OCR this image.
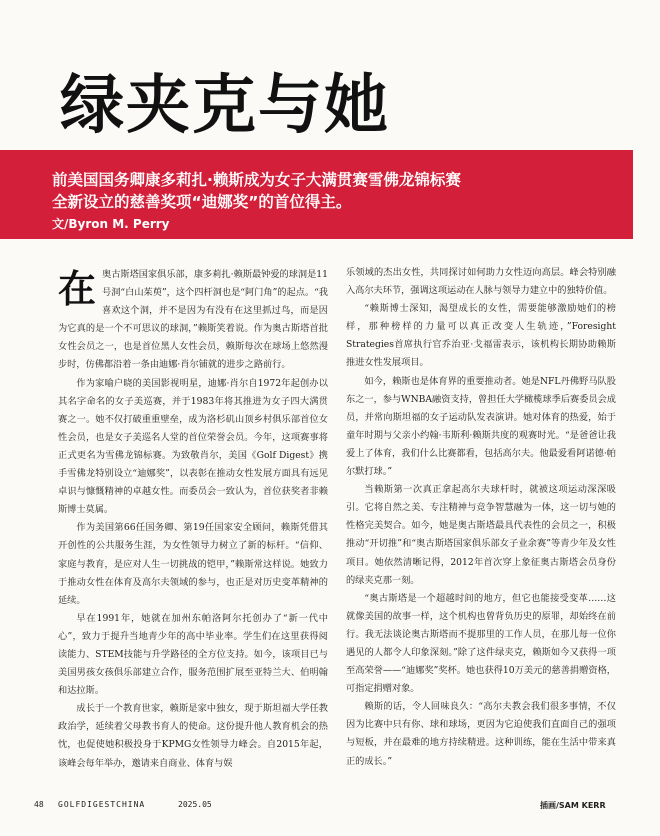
绿夹克与她
前美国国务卿康多莉扎·赖斯成为女子大满贯赛雪佛龙锦标赛
全新设立的慈善奖项“迪娜奖”的首位得主。
文/Byron M. Perry

在奥古斯塔国家俱乐部，康多莉扎·赖斯最钟爱的球洞是11号洞“白山茱萸”，这个四杆洞也是“阿门角”的起点。“我喜欢这个洞，并不是因为有没有在这里抓过鸟，而是因为它真的是一个不可思议的球洞，”赖斯笑着说。作为奥古斯塔首批女性会员之一，也是首位黑人女性会员，赖斯每次在球场上悠然漫步时，仿佛都沿着一条由迪娜·肖尔铺就的进步之路前行。

作为家喻户晓的美国影视明星，迪娜·肖尔自1972年起创办以其名字命名的女子美巡赛，并于1983年将其推进为女子四大满贯赛之一。她不仅打破重重壁垒，成为洛杉矶山顶乡村俱乐部首位女性会员，也是女子美巡名人堂的首位荣誉会员。今年，这项赛事将正式更名为雪佛龙锦标赛。为致敬肖尔，美国《Golf Digest》携手雪佛龙特别设立“迪娜奖”，以表彰在推动女性发展方面具有远见卓识与慷慨精神的卓越女性。而委员会一致认为，首位获奖者非赖斯博士莫属。

作为美国第66任国务卿、第19任国家安全顾问，赖斯凭借其开创性的公共服务生涯，为女性领导力树立了新的标杆。“信仰、家庭与教育，是应对人生一切挑战的铠甲，”赖斯常这样说。她致力于推动女性在体育及高尔夫领域的参与，也正是对历史变革精神的延续。

早在1991年，她就在加州东帕洛阿尔托创办了“新一代中心”，致力于提升当地青少年的高中毕业率。学生们在这里获得阅读能力、STEM技能与升学路径的全方位支持。如今，该项目已与美国男孩女孩俱乐部建立合作，服务范围扩展至亚特兰大、伯明翰和达拉斯。

成长于一个教育世家，赖斯是家中独女，现于斯坦福大学任教政治学，延续着父母教书育人的使命。这份提升他人教育机会的热忱，也促使她积极投身于KPMG女性领导力峰会。自2015年起，该峰会每年举办，邀请来自商业、体育与娱

乐领域的杰出女性，共同探讨如何助力女性迈向高层。峰会特别融入高尔夫环节，强调这项运动在人脉与领导力建立中的独特价值。

“赖斯博士深知，渴望成长的女性，需要能够激励她们的榜样，那种榜样的力量可以真正改变人生轨迹，”Foresight Strategies首席执行官乔治亚·戈福雷表示，该机构长期协助赖斯推进女性发展项目。

如今，赖斯也是体育界的重要推动者。她是NFL丹佛野马队股东之一，参与WNBA融资支持，曾担任大学橄榄球季后赛委员会成员，并常向斯坦福的女子运动队发表演讲。她对体育的热爱，始于童年时期与父亲小约翰·韦斯利·赖斯共度的观赛时光。“是爸爸让我爱上了体育，我们什么比赛都看，包括高尔夫。他最爱看阿诺德·帕尔默打球。”

当赖斯第一次真正拿起高尔夫球杆时，就被这项运动深深吸引。它将自然之美、专注精神与竞争智慧融为一体，这一切与她的性格完美契合。如今，她是奥古斯塔最具代表性的会员之一，积极推动“开切推”和“奥古斯塔国家俱乐部女子业余赛”等青少年及女性项目。她依然清晰记得，2012年首次穿上象征奥古斯塔会员身份的绿夹克那一刻。

“奥古斯塔是一个超越时间的地方，但它也能接受变革……这就像美国的故事一样，这个机构也曾背负历史的原罪，却始终在前行。我无法谈论奥古斯塔而不提那里的工作人员，在那儿每一位你遇见的人都令人印象深刻。”除了这件绿夹克，赖斯如今又获得一项至高荣誉——“迪娜奖”奖杯。她也获得10万美元的慈善捐赠资格，可指定捐赠对象。

赖斯的话，令人回味良久：“高尔夫教会我们很多事情，不仅因为比赛中只有你、球和球场，更因为它迫使我们直面自己的强项与短板，并在最难的地方持续精进。这种训练，能在生活中带来真正的成长。”

48 GOLFDIGESTCHINA	2025.05	插画/SAM KERR
